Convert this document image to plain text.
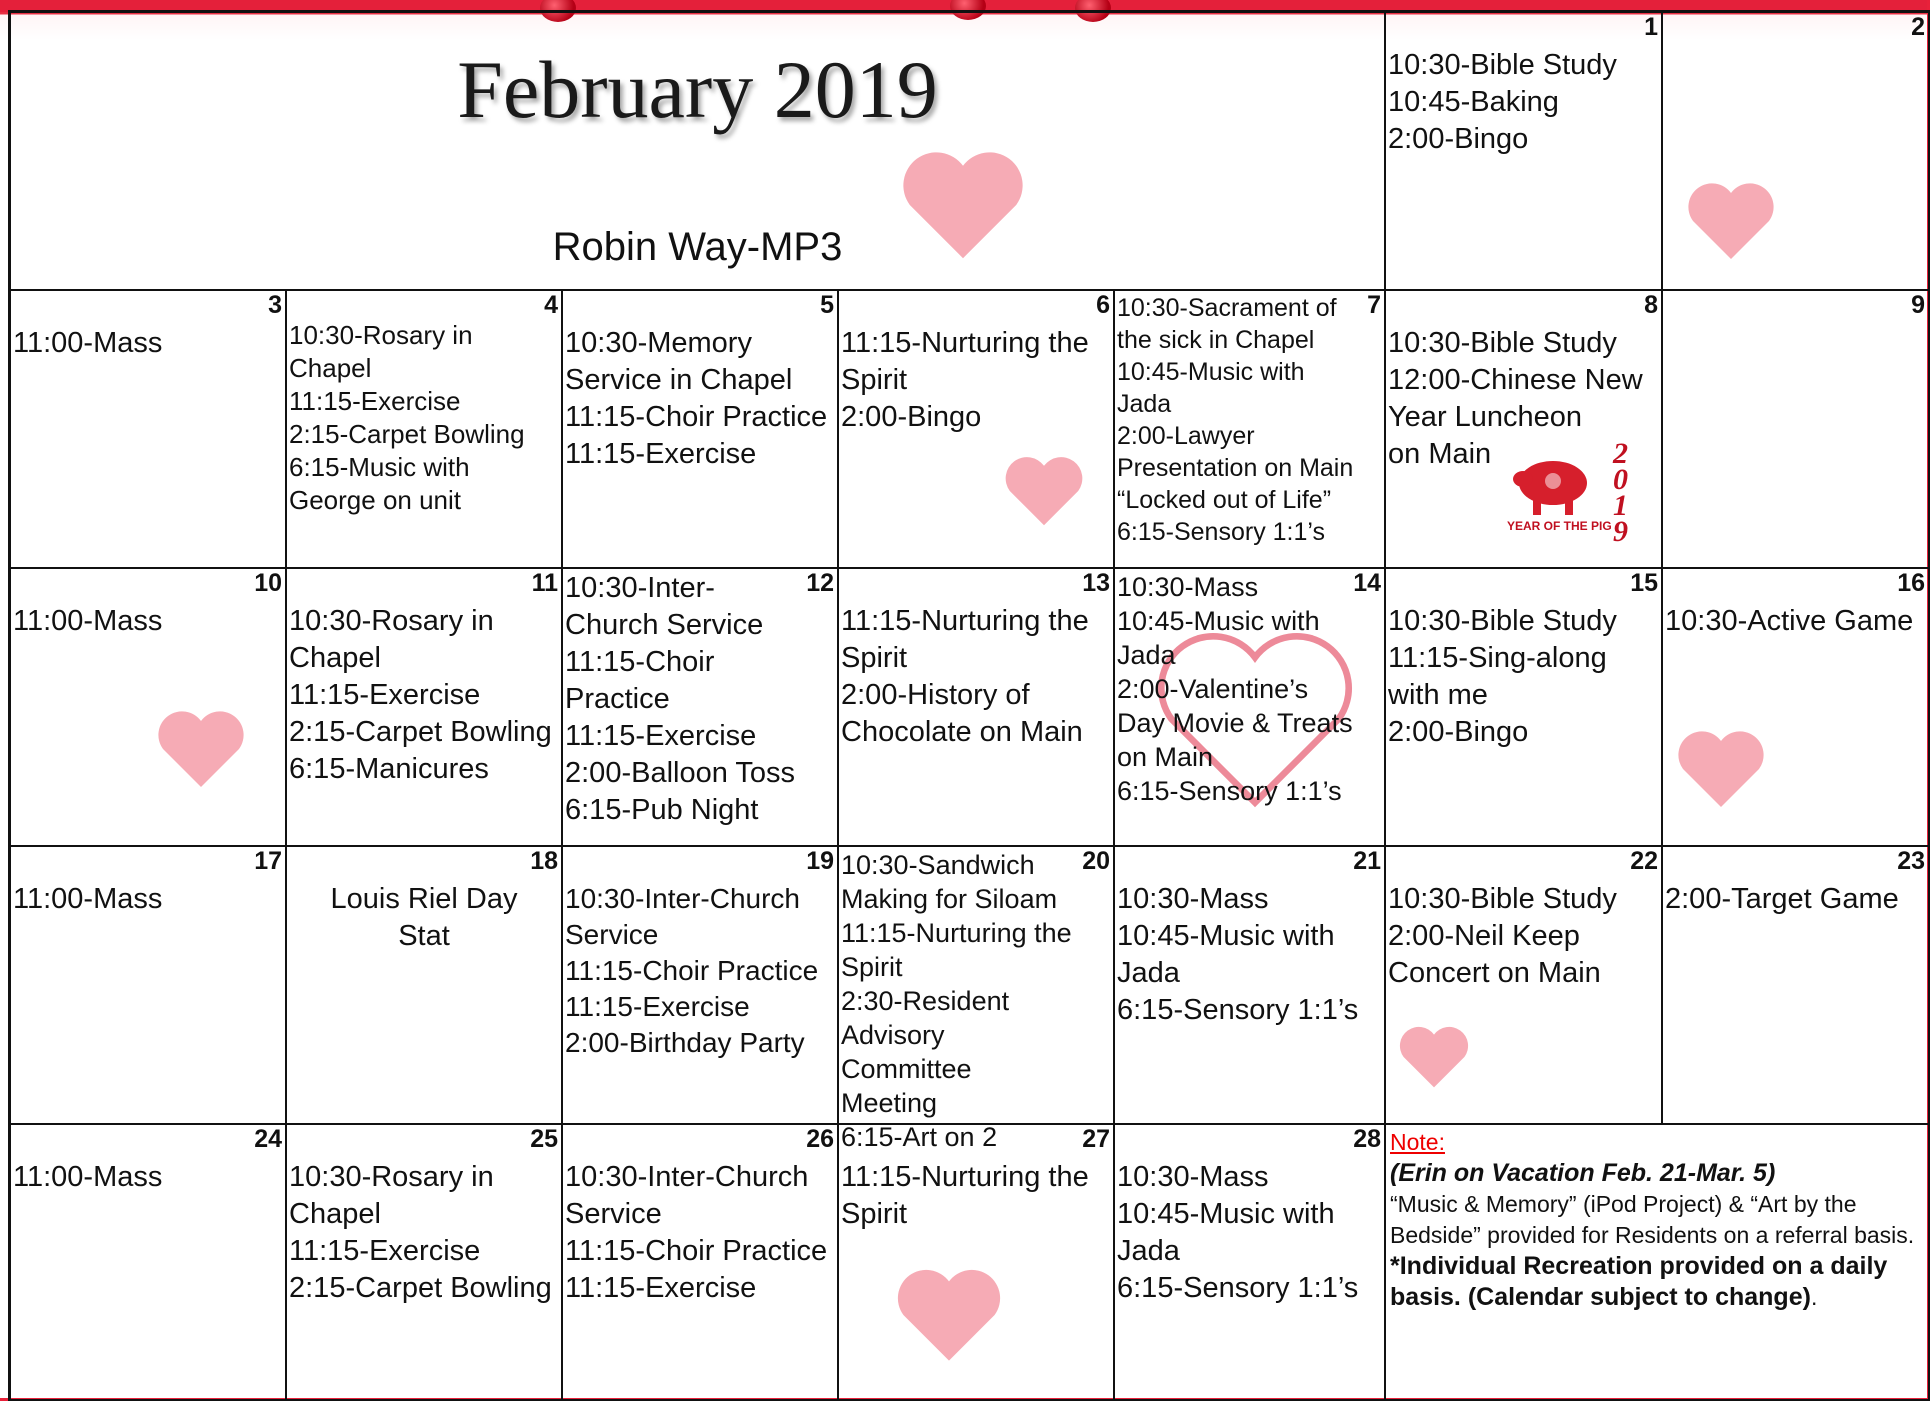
February 2019
Robin Way-MP3
1
10:30-Bible Study
10:45-Baking
2:00-Bingo
2
3
11:00-Mass
4
10:30-Rosary in Chapel
11:15-Exercise
2:15-Carpet Bowling
6:15-Music with George on unit
5
10:30-Memory Service in Chapel
11:15-Choir Practice
11:15-Exercise
6
11:15-Nurturing the Spirit
2:00-Bingo
7
10:30-Sacrament of the sick in Chapel
10:45-Music with Jada
2:00-Lawyer Presentation on Main “Locked out of Life”
6:15-Sensory 1:1’s
8
10:30-Bible Study
12:00-Chinese New Year Luncheon
on Main
YEAR OF THE PIG
2019
9
10
11:00-Mass
11
10:30-Rosary in Chapel
11:15-Exercise
2:15-Carpet Bowling
6:15-Manicures
12
10:30-Inter-Church Service
11:15-Choir Practice
11:15-Exercise
2:00-Balloon Toss
6:15-Pub Night
13
11:15-Nurturing the Spirit
2:00-History of Chocolate on Main
14
10:30-Mass
10:45-Music with Jada
2:00-Valentine’s Day Movie & Treats on Main
6:15-Sensory 1:1’s
15
10:30-Bible Study
11:15-Sing-along with me
2:00-Bingo
16
10:30-Active Game
17
11:00-Mass
18
Louis Riel Day
Stat
19
10:30-Inter-Church Service
11:15-Choir Practice
11:15-Exercise
2:00-Birthday Party
20
10:30-Sandwich Making for Siloam
11:15-Nurturing the Spirit
2:30-Resident Advisory Committee Meeting
6:15-Art on 2
21
10:30-Mass
10:45-Music with Jada
6:15-Sensory 1:1’s
22
10:30-Bible Study
2:00-Neil Keep Concert on Main
23
2:00-Target Game
24
11:00-Mass
25
10:30-Rosary in Chapel
11:15-Exercise
2:15-Carpet Bowling
26
10:30-Inter-Church Service
11:15-Choir Practice
11:15-Exercise
27
11:15-Nurturing the Spirit
28
10:30-Mass
10:45-Music with Jada
6:15-Sensory 1:1’s
Note:
(Erin on Vacation Feb. 21-Mar. 5)
“Music & Memory” (iPod Project) & “Art by the Bedside” provided for Residents on a referral basis.
*Individual Recreation provided on a daily basis. (Calendar subject to change).
